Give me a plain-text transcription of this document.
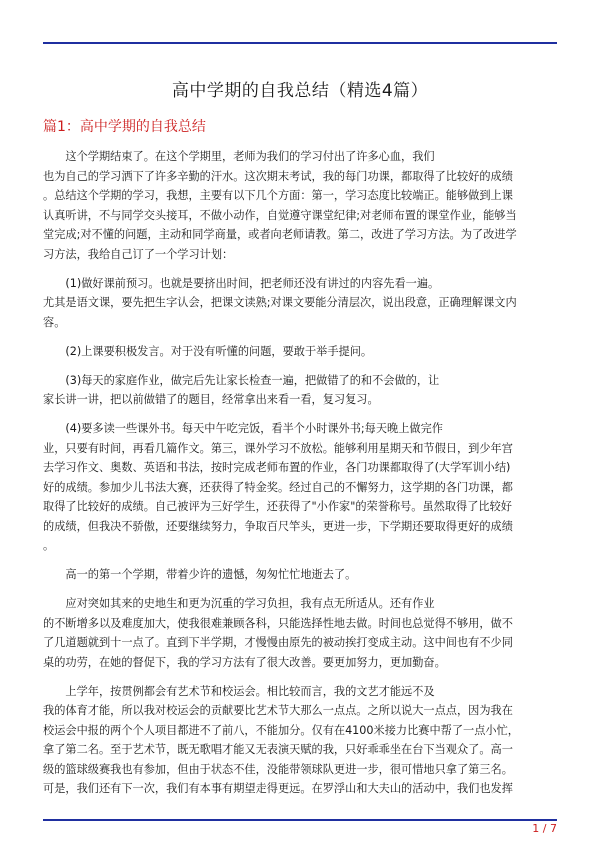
高中学期的自我总结（精选4篇）
篇1：高中学期的自我总结

　　这个学期结束了。在这个学期里，老师为我们的学习付出了许多心血，我们
也为自己的学习洒下了许多辛勤的汗水。这次期末考试，我的每门功课，都取得了比较好的成绩
。总结这个学期的学习，我想，主要有以下几个方面：第一，学习态度比较端正。能够做到上课
认真听讲，不与同学交头接耳，不做小动作，自觉遵守课堂纪律;对老师布置的课堂作业，能够当
堂完成;对不懂的问题，主动和同学商量，或者向老师请教。第二，改进了学习方法。为了改进学
习方法，我给自己订了一个学习计划：

　　(1)做好课前预习。也就是要挤出时间，把老师还没有讲过的内容先看一遍。
尤其是语文课，要先把生字认会，把课文读熟;对课文要能分清层次，说出段意，正确理解课文内
容。

　　(2)上课要积极发言。对于没有听懂的问题，要敢于举手提问。

　　(3)每天的家庭作业，做完后先让家长检查一遍，把做错了的和不会做的，让
家长讲一讲，把以前做错了的题目，经常拿出来看一看，复习复习。

　　(4)要多读一些课外书。每天中午吃完饭，看半个小时课外书;每天晚上做完作
业，只要有时间，再看几篇作文。第三，课外学习不放松。能够利用星期天和节假日，到少年宫
去学习作文、奥数、英语和书法，按时完成老师布置的作业，各门功课都取得了(大学军训小结)
好的成绩。参加少儿书法大赛，还获得了特金奖。经过自己的不懈努力，这学期的各门功课，都
取得了比较好的成绩。自己被评为三好学生，还获得了"小作家"的荣誉称号。虽然取得了比较好
的成绩，但我决不骄傲，还要继续努力，争取百尺竿头，更进一步，下学期还要取得更好的成绩
。

　　高一的第一个学期，带着少许的遗憾，匆匆忙忙地逝去了。

　　应对突如其来的史地生和更为沉重的学习负担，我有点无所适从。还有作业
的不断增多以及难度加大，使我很难兼顾各科，只能选择性地去做。时间也总觉得不够用，做不
了几道题就到十一点了。直到下半学期，才慢慢由原先的被动挨打变成主动。这中间也有不少同
桌的功劳，在她的督促下，我的学习方法有了很大改善。要更加努力，更加勤奋。

　　上学年，按贯例都会有艺术节和校运会。相比较而言，我的文艺才能远不及
我的体育才能，所以我对校运会的贡献要比艺术节大那么一点点。之所以说大一点点，因为我在
校运会中报的两个个人项目都进不了前八，不能加分。仅有在4100米接力比赛中帮了一点小忙，
拿了第二名。至于艺术节，既无歌唱才能又无表演天赋的我，只好乖乖坐在台下当观众了。高一
级的篮球级赛我也有参加，但由于状态不佳，没能带领球队更进一步，很可惜地只拿了第三名。
可是，我们还有下一次，我们有本事有期望走得更远。在罗浮山和大夫山的活动中，我们也发挥

1 / 7
